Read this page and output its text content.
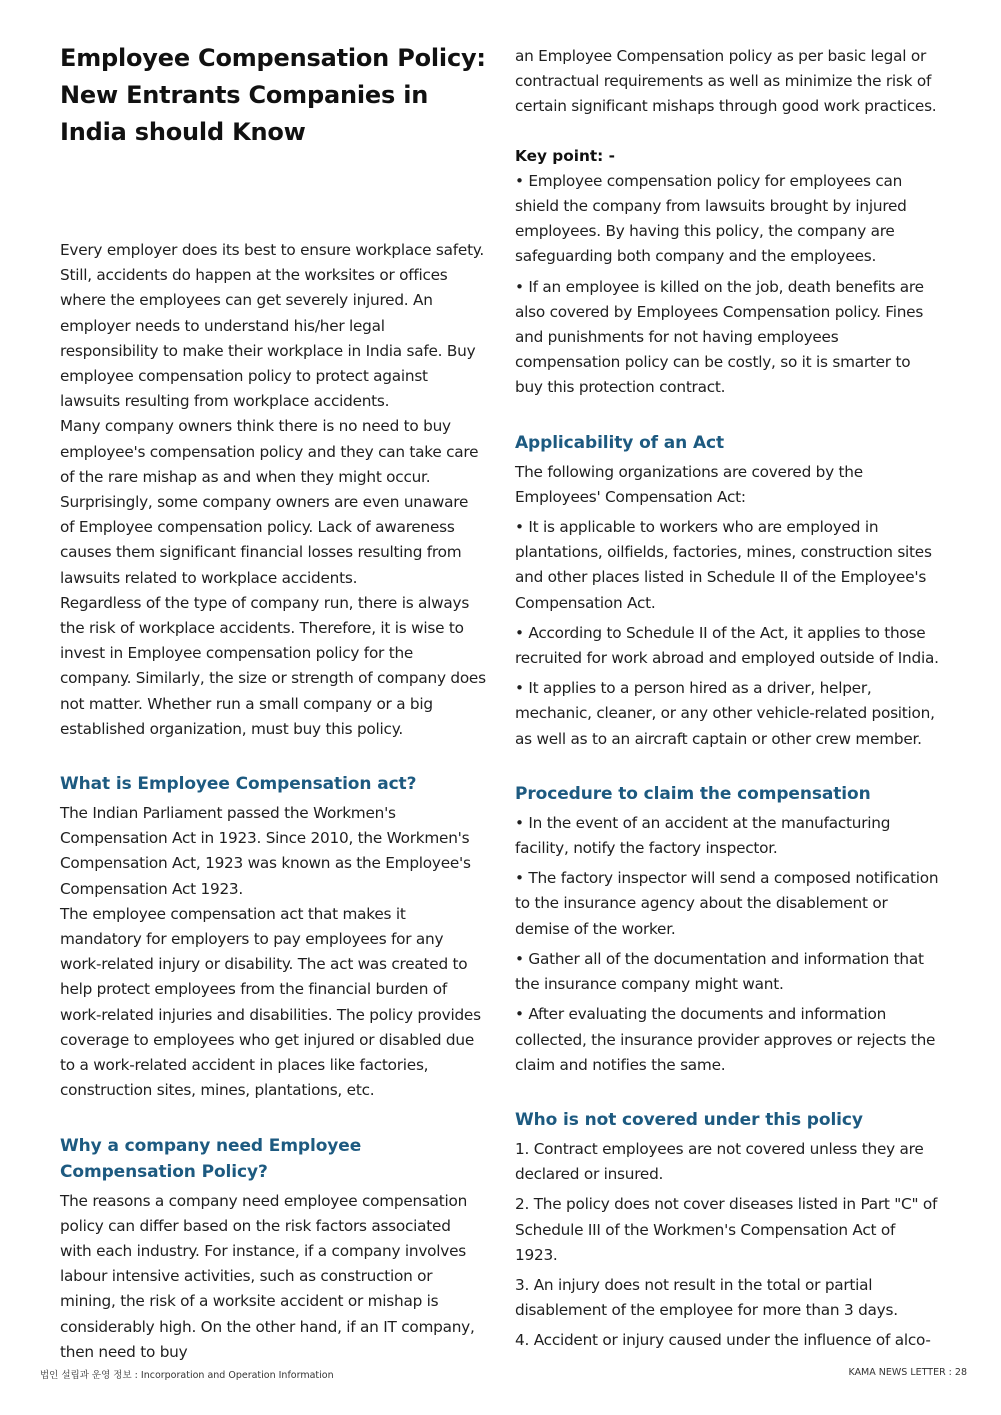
Employee Compensation Policy: New Entrants Companies in India should Know

Every employer does its best to ensure workplace safety. Still, accidents do happen at the worksites or offices where the employees can get severely injured. An employer needs to understand his/her legal responsibility to make their workplace in India safe. Buy employee compensation policy to protect against lawsuits resulting from workplace accidents.

Many company owners think there is no need to buy employee's compensation policy and they can take care of the rare mishap as and when they might occur. Surprisingly, some company owners are even unaware of Employee compensation policy. Lack of awareness causes them significant financial losses resulting from lawsuits related to workplace accidents.

Regardless of the type of company run, there is always the risk of workplace accidents. Therefore, it is wise to invest in Employee compensation policy for the company. Similarly, the size or strength of company does not matter. Whether run a small company or a big established organization, must buy this policy.

What is Employee Compensation act?

The Indian Parliament passed the Workmen's Compensation Act in 1923. Since 2010, the Workmen's Compensation Act, 1923 was known as the Employee's Compensation Act 1923.

The employee compensation act that makes it mandatory for employers to pay employees for any work-related injury or disability. The act was created to help protect employees from the financial burden of work-related injuries and disabilities. The policy provides coverage to employees who get injured or disabled due to a work-related accident in places like factories, construction sites, mines, plantations, etc.

Why a company need Employee Compensation Policy?

The reasons a company need employee compensation policy can differ based on the risk factors associated with each industry. For instance, if a company involves labour intensive activities, such as construction or mining, the risk of a worksite accident or mishap is considerably high. On the other hand, if an IT company, then need to buy

an Employee Compensation policy as per basic legal or contractual requirements as well as minimize the risk of certain significant mishaps through good work practices.

Key point: -

• Employee compensation policy for employees can shield the company from lawsuits brought by injured employees. By having this policy, the company are safeguarding both company and the employees.

• If an employee is killed on the job, death benefits are also covered by Employees Compensation policy. Fines and punishments for not having employees compensation policy can be costly, so it is smarter to buy this protection contract.

Applicability of an Act

The following organizations are covered by the Employees' Compensation Act:

• It is applicable to workers who are employed in plantations, oilfields, factories, mines, construction sites and other places listed in Schedule II of the Employee's Compensation Act.

• According to Schedule II of the Act, it applies to those recruited for work abroad and employed outside of India.

• It applies to a person hired as a driver, helper, mechanic, cleaner, or any other vehicle-related position, as well as to an aircraft captain or other crew member.

Procedure to claim the compensation

• In the event of an accident at the manufacturing facility, notify the factory inspector.

• The factory inspector will send a composed notification to the insurance agency about the disablement or demise of the worker.

• Gather all of the documentation and information that the insurance company might want.

• After evaluating the documents and information collected, the insurance provider approves or rejects the claim and notifies the same.

Who is not covered under this policy

1. Contract employees are not covered unless they are declared or insured.

2. The policy does not cover diseases listed in Part "C" of Schedule III of the Workmen's Compensation Act of 1923.

3. An injury does not result in the total or partial disablement of the employee for more than 3 days.

4. Accident or injury caused under the influence of alco-

법인 설립과 운영 정보 : Incorporation and Operation Information	KAMA NEWS LETTER : 28
